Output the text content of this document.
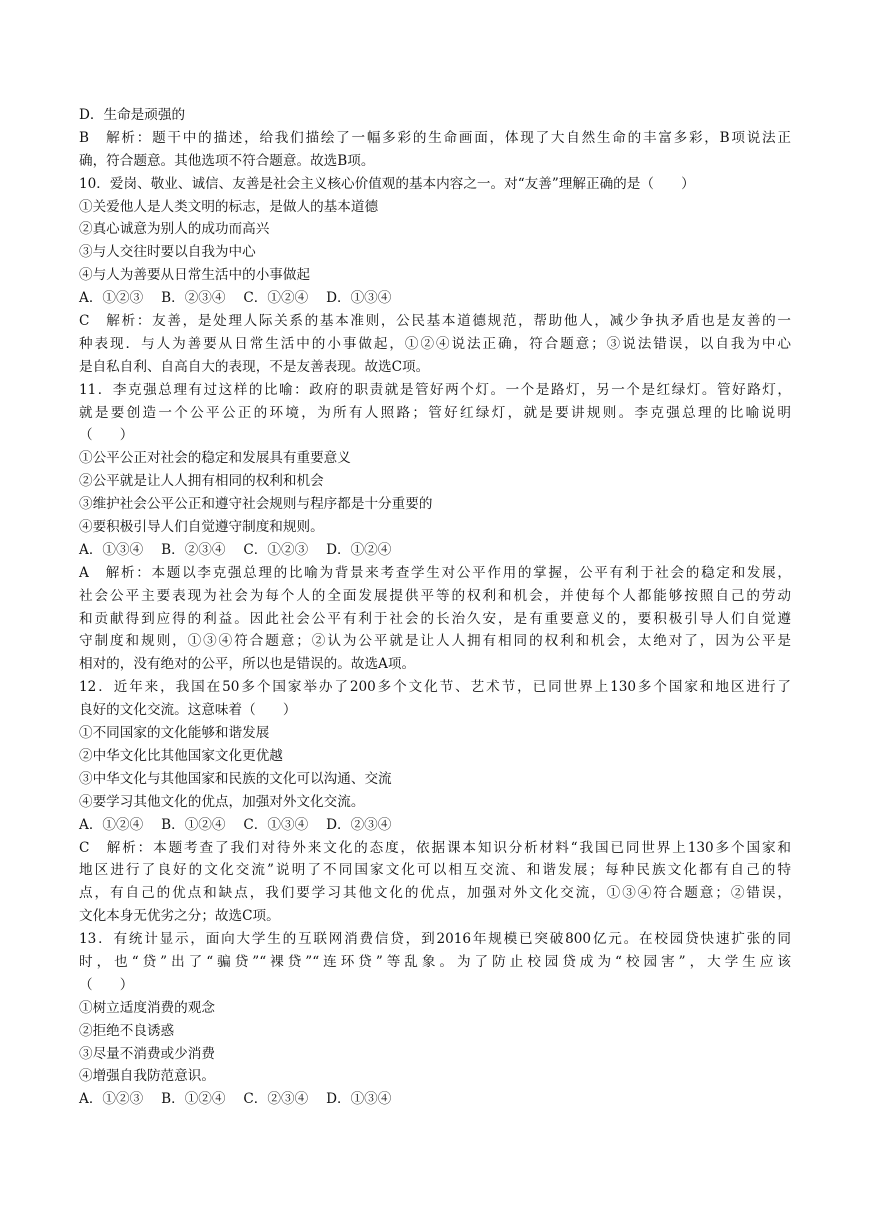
D．生命是顽强的
B　解析：题干中的描述，给我们描绘了一幅多彩的生命画面，体现了大自然生命的丰富多彩，B项说法正
确，符合题意。其他选项不符合题意。故选B项。
10．爱岗、敬业、诚信、友善是社会主义核心价值观的基本内容之一。对“友善”理解正确的是（　　）
①关爱他人是人类文明的标志，是做人的基本道德
②真心诚意为别人的成功而高兴
③与人交往时要以自我为中心
④与人为善要从日常生活中的小事做起
A．①②③　 B．②③④　 C．①②④　 D．①③④
C　解析：友善，是处理人际关系的基本准则，公民基本道德规范，帮助他人，减少争执矛盾也是友善的一
种表现．与人为善要从日常生活中的小事做起，①②④说法正确，符合题意；③说法错误，以自我为中心
是自私自利、自高自大的表现，不是友善表现。故选C项。
11．李克强总理有过这样的比喻：政府的职责就是管好两个灯。一个是路灯，另一个是红绿灯。管好路灯，
就是要创造一个公平公正的环境，为所有人照路；管好红绿灯，就是要讲规则。李克强总理的比喻说明
（　　）
①公平公正对社会的稳定和发展具有重要意义
②公平就是让人人拥有相同的权利和机会
③维护社会公平公正和遵守社会规则与程序都是十分重要的
④要积极引导人们自觉遵守制度和规则。
A．①③④　 B．②③④　 C．①②③　 D．①②④
A　解析：本题以李克强总理的比喻为背景来考查学生对公平作用的掌握，公平有利于社会的稳定和发展，
社会公平主要表现为社会为每个人的全面发展提供平等的权利和机会，并使每个人都能够按照自己的劳动
和贡献得到应得的利益。因此社会公平有利于社会的长治久安，是有重要意义的，要积极引导人们自觉遵
守制度和规则，①③④符合题意；②认为公平就是让人人拥有相同的权利和机会，太绝对了，因为公平是
相对的，没有绝对的公平，所以也是错误的。故选A项。
12．近年来，我国在50多个国家举办了200多个文化节、艺术节，已同世界上130多个国家和地区进行了
良好的文化交流。这意味着（　　）
①不同国家的文化能够和谐发展
②中华文化比其他国家文化更优越
③中华文化与其他国家和民族的文化可以沟通、交流
④要学习其他文化的优点，加强对外文化交流。
A．①②④　 B．①②④　 C．①③④　 D．②③④
C　解析：本题考查了我们对待外来文化的态度，依据课本知识分析材料“我国已同世界上130多个国家和
地区进行了良好的文化交流”说明了不同国家文化可以相互交流、和谐发展；每种民族文化都有自己的特
点，有自己的优点和缺点，我们要学习其他文化的优点，加强对外文化交流，①③④符合题意；②错误，
文化本身无优劣之分；故选C项。
13．有统计显示，面向大学生的互联网消费信贷，到2016年规模已突破800亿元。在校园贷快速扩张的同
时，也“贷”出了“骗贷”“裸贷”“连环贷”等乱象。为了防止校园贷成为“校园害”，大学生应该
（　　）
①树立适度消费的观念
②拒绝不良诱惑
③尽量不消费或少消费
④增强自我防范意识。
A．①②③　 B．①②④　 C．②③④　 D．①③④
